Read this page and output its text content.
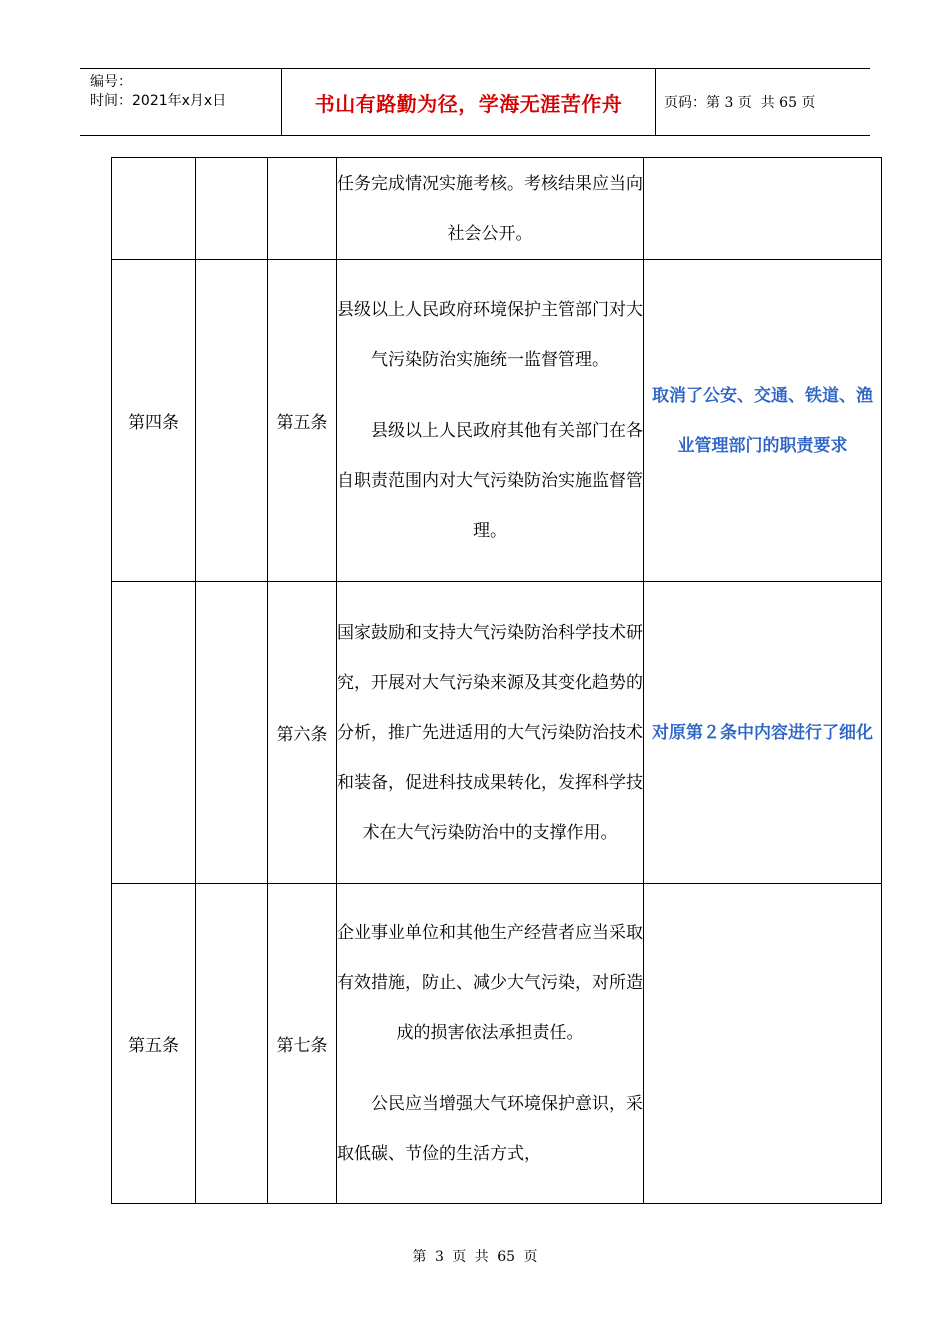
编号：
时间：2021年x月x日	书山有路勤为径，学海无涯苦作舟	页码：第 3 页  共 65 页

			任务完成情况实施考核。考核结果应当向社会公开。	

第四条		第五条	县级以上人民政府环境保护主管部门对大气污染防治实施统一监督管理。
县级以上人民政府其他有关部门在各自职责范围内对大气污染防治实施监督管理。	取消了公安、交通、铁道、渔业管理部门的职责要求
		第六条	国家鼓励和支持大气污染防治科学技术研究，开展对大气污染来源及其变化趋势的分析，推广先进适用的大气污染防治技术和装备，促进科技成果转化，发挥科学技术在大气污染防治中的支撑作用。	对原第２条中内容进行了细化
第五条		第七条	企业事业单位和其他生产经营者应当采取有效措施，防止、减少大气污染，对所造成的损害依法承担责任。
公民应当增强大气环境保护意识，采取低碳、节俭的生活方式，	

第 3 页 共 65 页
